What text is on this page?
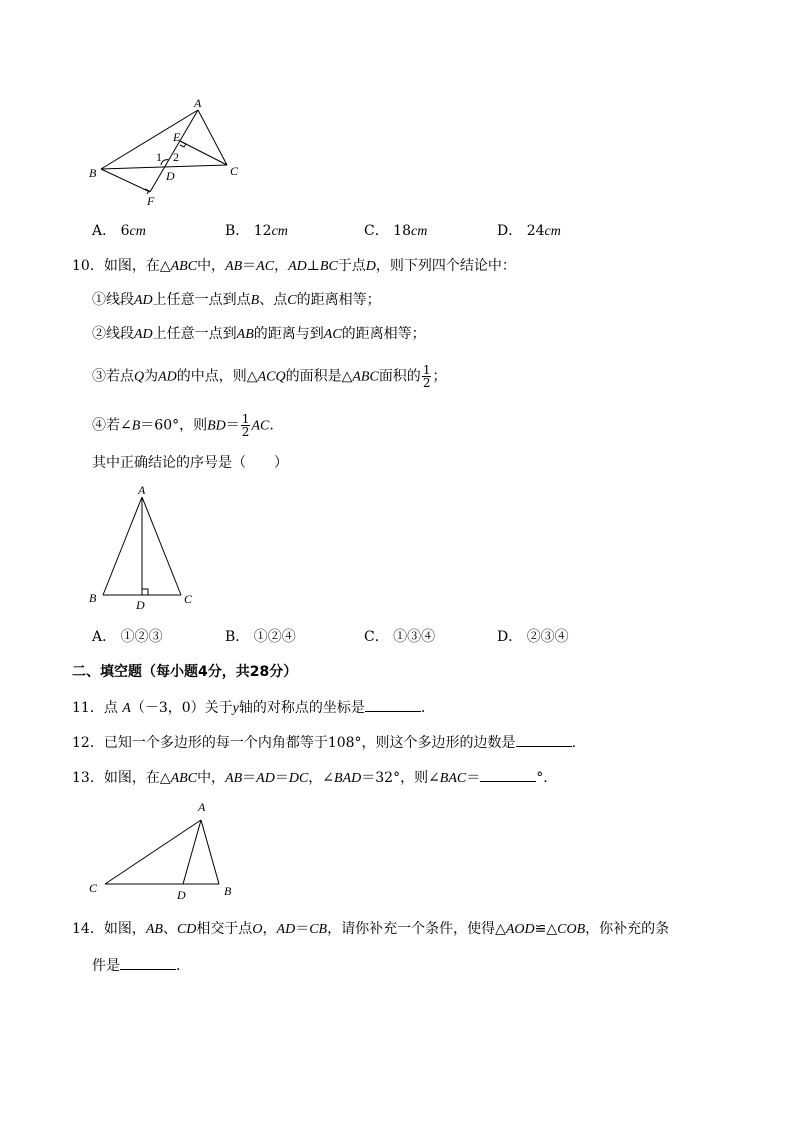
A
B	C
D
E
F
1 2
A． 6cm	B． 12cm	C． 18cm	D． 24cm
10．如图，在△ABC中，AB＝AC，AD⊥BC于点D，则下列四个结论中：
①线段AD上任意一点到点B、点C的距离相等；
②线段AD上任意一点到AB的距离与到AC的距离相等；
③若点Q为AD的中点，则△ACQ的面积是△ABC面积的 $\frac{1}{2}$ ；
④若∠B＝60°，则$BD= \frac{1}{2}$ AC.
其中正确结论的序号是（　　）
A
B	C
D
A． ①②③	B． ①②④	C． ①③④	D． ②③④
二、填空题（每小题4分，共28分）
11．点 A（－3，0）关于y轴的对称点的坐标是	.
12．已知一个多边形的每一个内角都等于108°，则这个多边形的边数是	.
13．如图，在△ABC中，AB＝AD＝DC，∠BAD＝32°，则∠BAC＝	°.
A
B
C	D
14．如图，AB、CD相交于点O，AD＝CB，请你补充一个条件，使得△AOD≌△COB，你补充的条
件是	.
